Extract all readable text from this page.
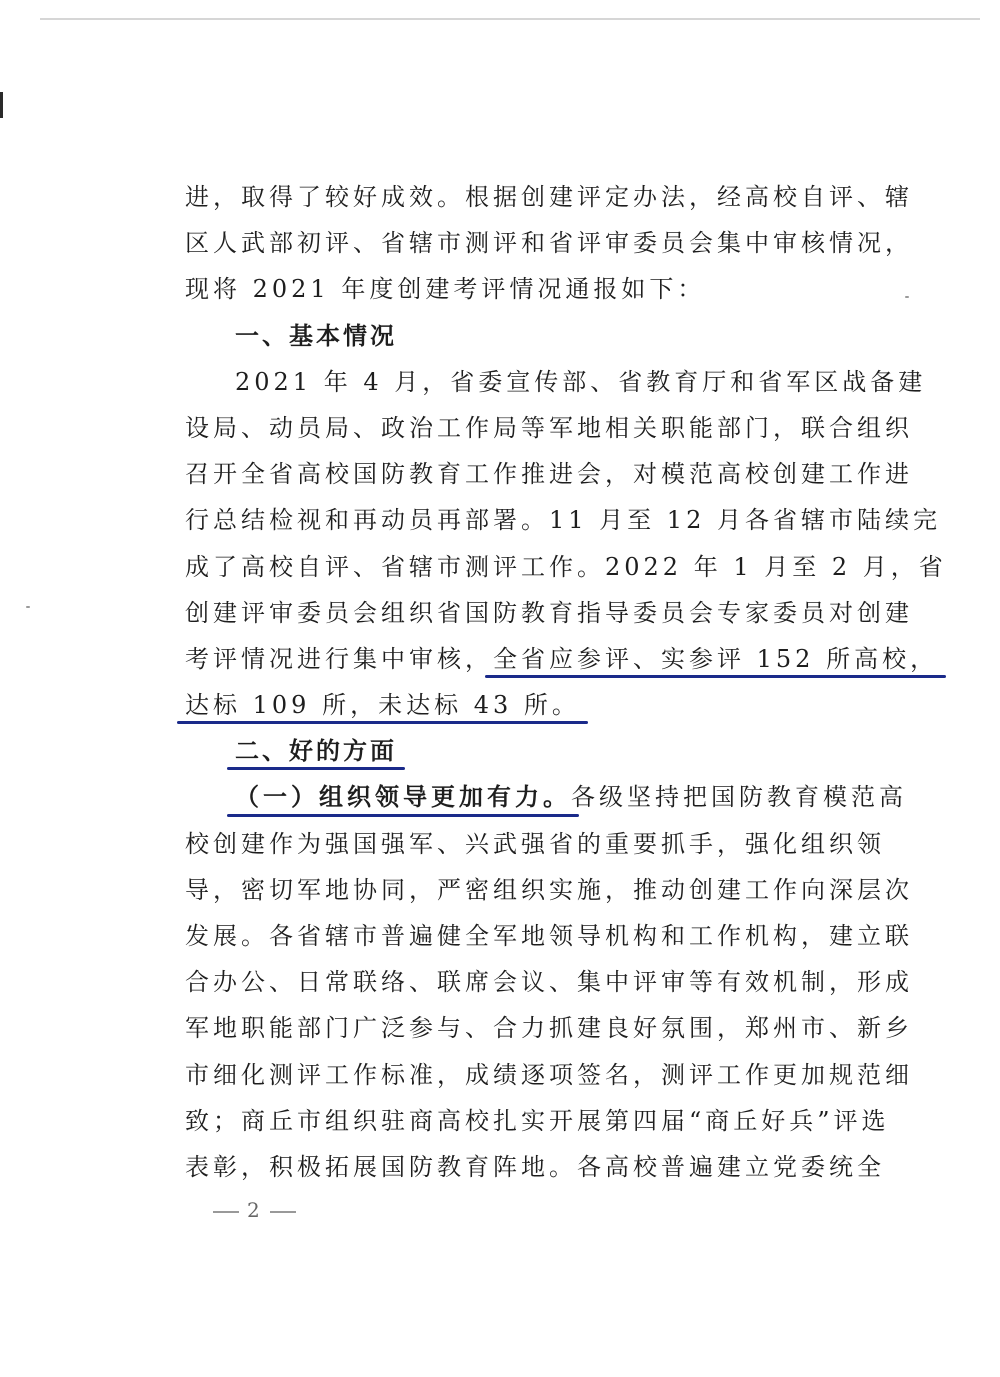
进，取得了较好成效。根据创建评定办法，经高校自评、辖
区人武部初评、省辖市测评和省评审委员会集中审核情况，
现将 2021 年度创建考评情况通报如下：
一、基本情况
2021 年 4 月，省委宣传部、省教育厅和省军区战备建
设局、动员局、政治工作局等军地相关职能部门，联合组织
召开全省高校国防教育工作推进会，对模范高校创建工作进
行总结检视和再动员再部署。11 月至 12 月各省辖市陆续完
成了高校自评、省辖市测评工作。2022 年 1 月至 2 月，省
创建评审委员会组织省国防教育指导委员会专家委员对创建
考评情况进行集中审核，全省应参评、实参评 152 所高校，
达标 109 所，未达标 43 所。
二、好的方面
（一）组织领导更加有力。各级坚持把国防教育模范高
校创建作为强国强军、兴武强省的重要抓手，强化组织领
导，密切军地协同，严密组织实施，推动创建工作向深层次
发展。各省辖市普遍健全军地领导机构和工作机构，建立联
合办公、日常联络、联席会议、集中评审等有效机制，形成
军地职能部门广泛参与、合力抓建良好氛围，郑州市、新乡
市细化测评工作标准，成绩逐项签名，测评工作更加规范细
致；商丘市组织驻商高校扎实开展第四届“商丘好兵”评选
表彰，积极拓展国防教育阵地。各高校普遍建立党委统全
2
